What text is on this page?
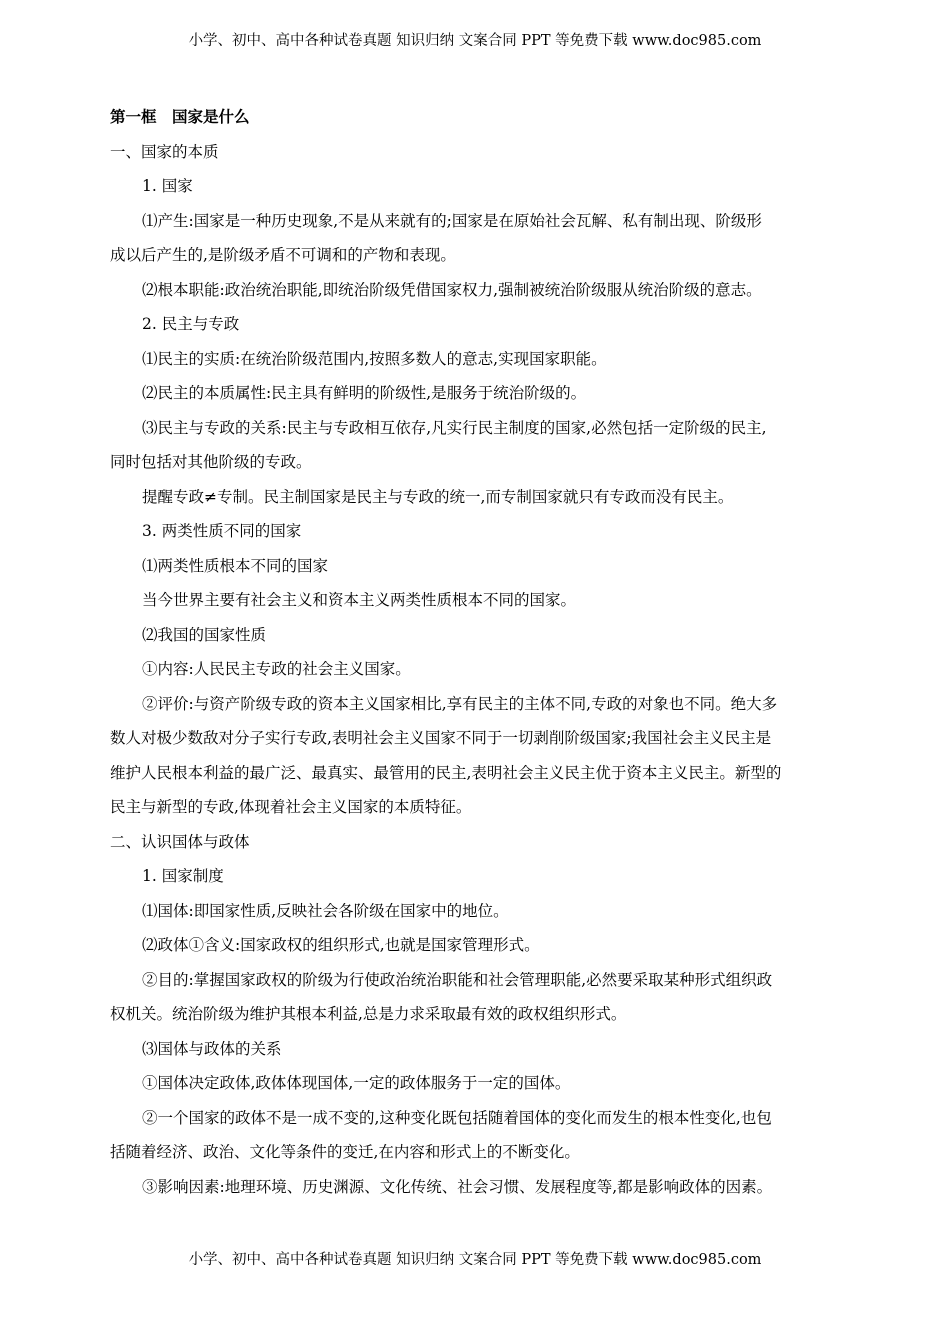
小学、初中、高中各种试卷真题 知识归纳 文案合同 PPT 等免费下载 www.doc985.com
第一框　国家是什么
一、国家的本质
1. 国家
⑴产生:国家是一种历史现象,不是从来就有的;国家是在原始社会瓦解、私有制出现、阶级形
成以后产生的,是阶级矛盾不可调和的产物和表现。
⑵根本职能:政治统治职能,即统治阶级凭借国家权力,强制被统治阶级服从统治阶级的意志。
2. 民主与专政
⑴民主的实质:在统治阶级范围内,按照多数人的意志,实现国家职能。
⑵民主的本质属性:民主具有鲜明的阶级性,是服务于统治阶级的。
⑶民主与专政的关系:民主与专政相互依存,凡实行民主制度的国家,必然包括一定阶级的民主,
同时包括对其他阶级的专政。
提醒专政≠专制。民主制国家是民主与专政的统一,而专制国家就只有专政而没有民主。
3. 两类性质不同的国家
⑴两类性质根本不同的国家
当今世界主要有社会主义和资本主义两类性质根本不同的国家。
⑵我国的国家性质
①内容:人民民主专政的社会主义国家。
②评价:与资产阶级专政的资本主义国家相比,享有民主的主体不同,专政的对象也不同。绝大多
数人对极少数敌对分子实行专政,表明社会主义国家不同于一切剥削阶级国家;我国社会主义民主是
维护人民根本利益的最广泛、最真实、最管用的民主,表明社会主义民主优于资本主义民主。新型的
民主与新型的专政,体现着社会主义国家的本质特征。
二、认识国体与政体
1. 国家制度
⑴国体:即国家性质,反映社会各阶级在国家中的地位。
⑵政体①含义:国家政权的组织形式,也就是国家管理形式。
②目的:掌握国家政权的阶级为行使政治统治职能和社会管理职能,必然要采取某种形式组织政
权机关。统治阶级为维护其根本利益,总是力求采取最有效的政权组织形式。
⑶国体与政体的关系
①国体决定政体,政体体现国体,一定的政体服务于一定的国体。
②一个国家的政体不是一成不变的,这种变化既包括随着国体的变化而发生的根本性变化,也包
括随着经济、政治、文化等条件的变迁,在内容和形式上的不断变化。
③影响因素:地理环境、历史渊源、文化传统、社会习惯、发展程度等,都是影响政体的因素。
小学、初中、高中各种试卷真题 知识归纳 文案合同 PPT 等免费下载 www.doc985.com
